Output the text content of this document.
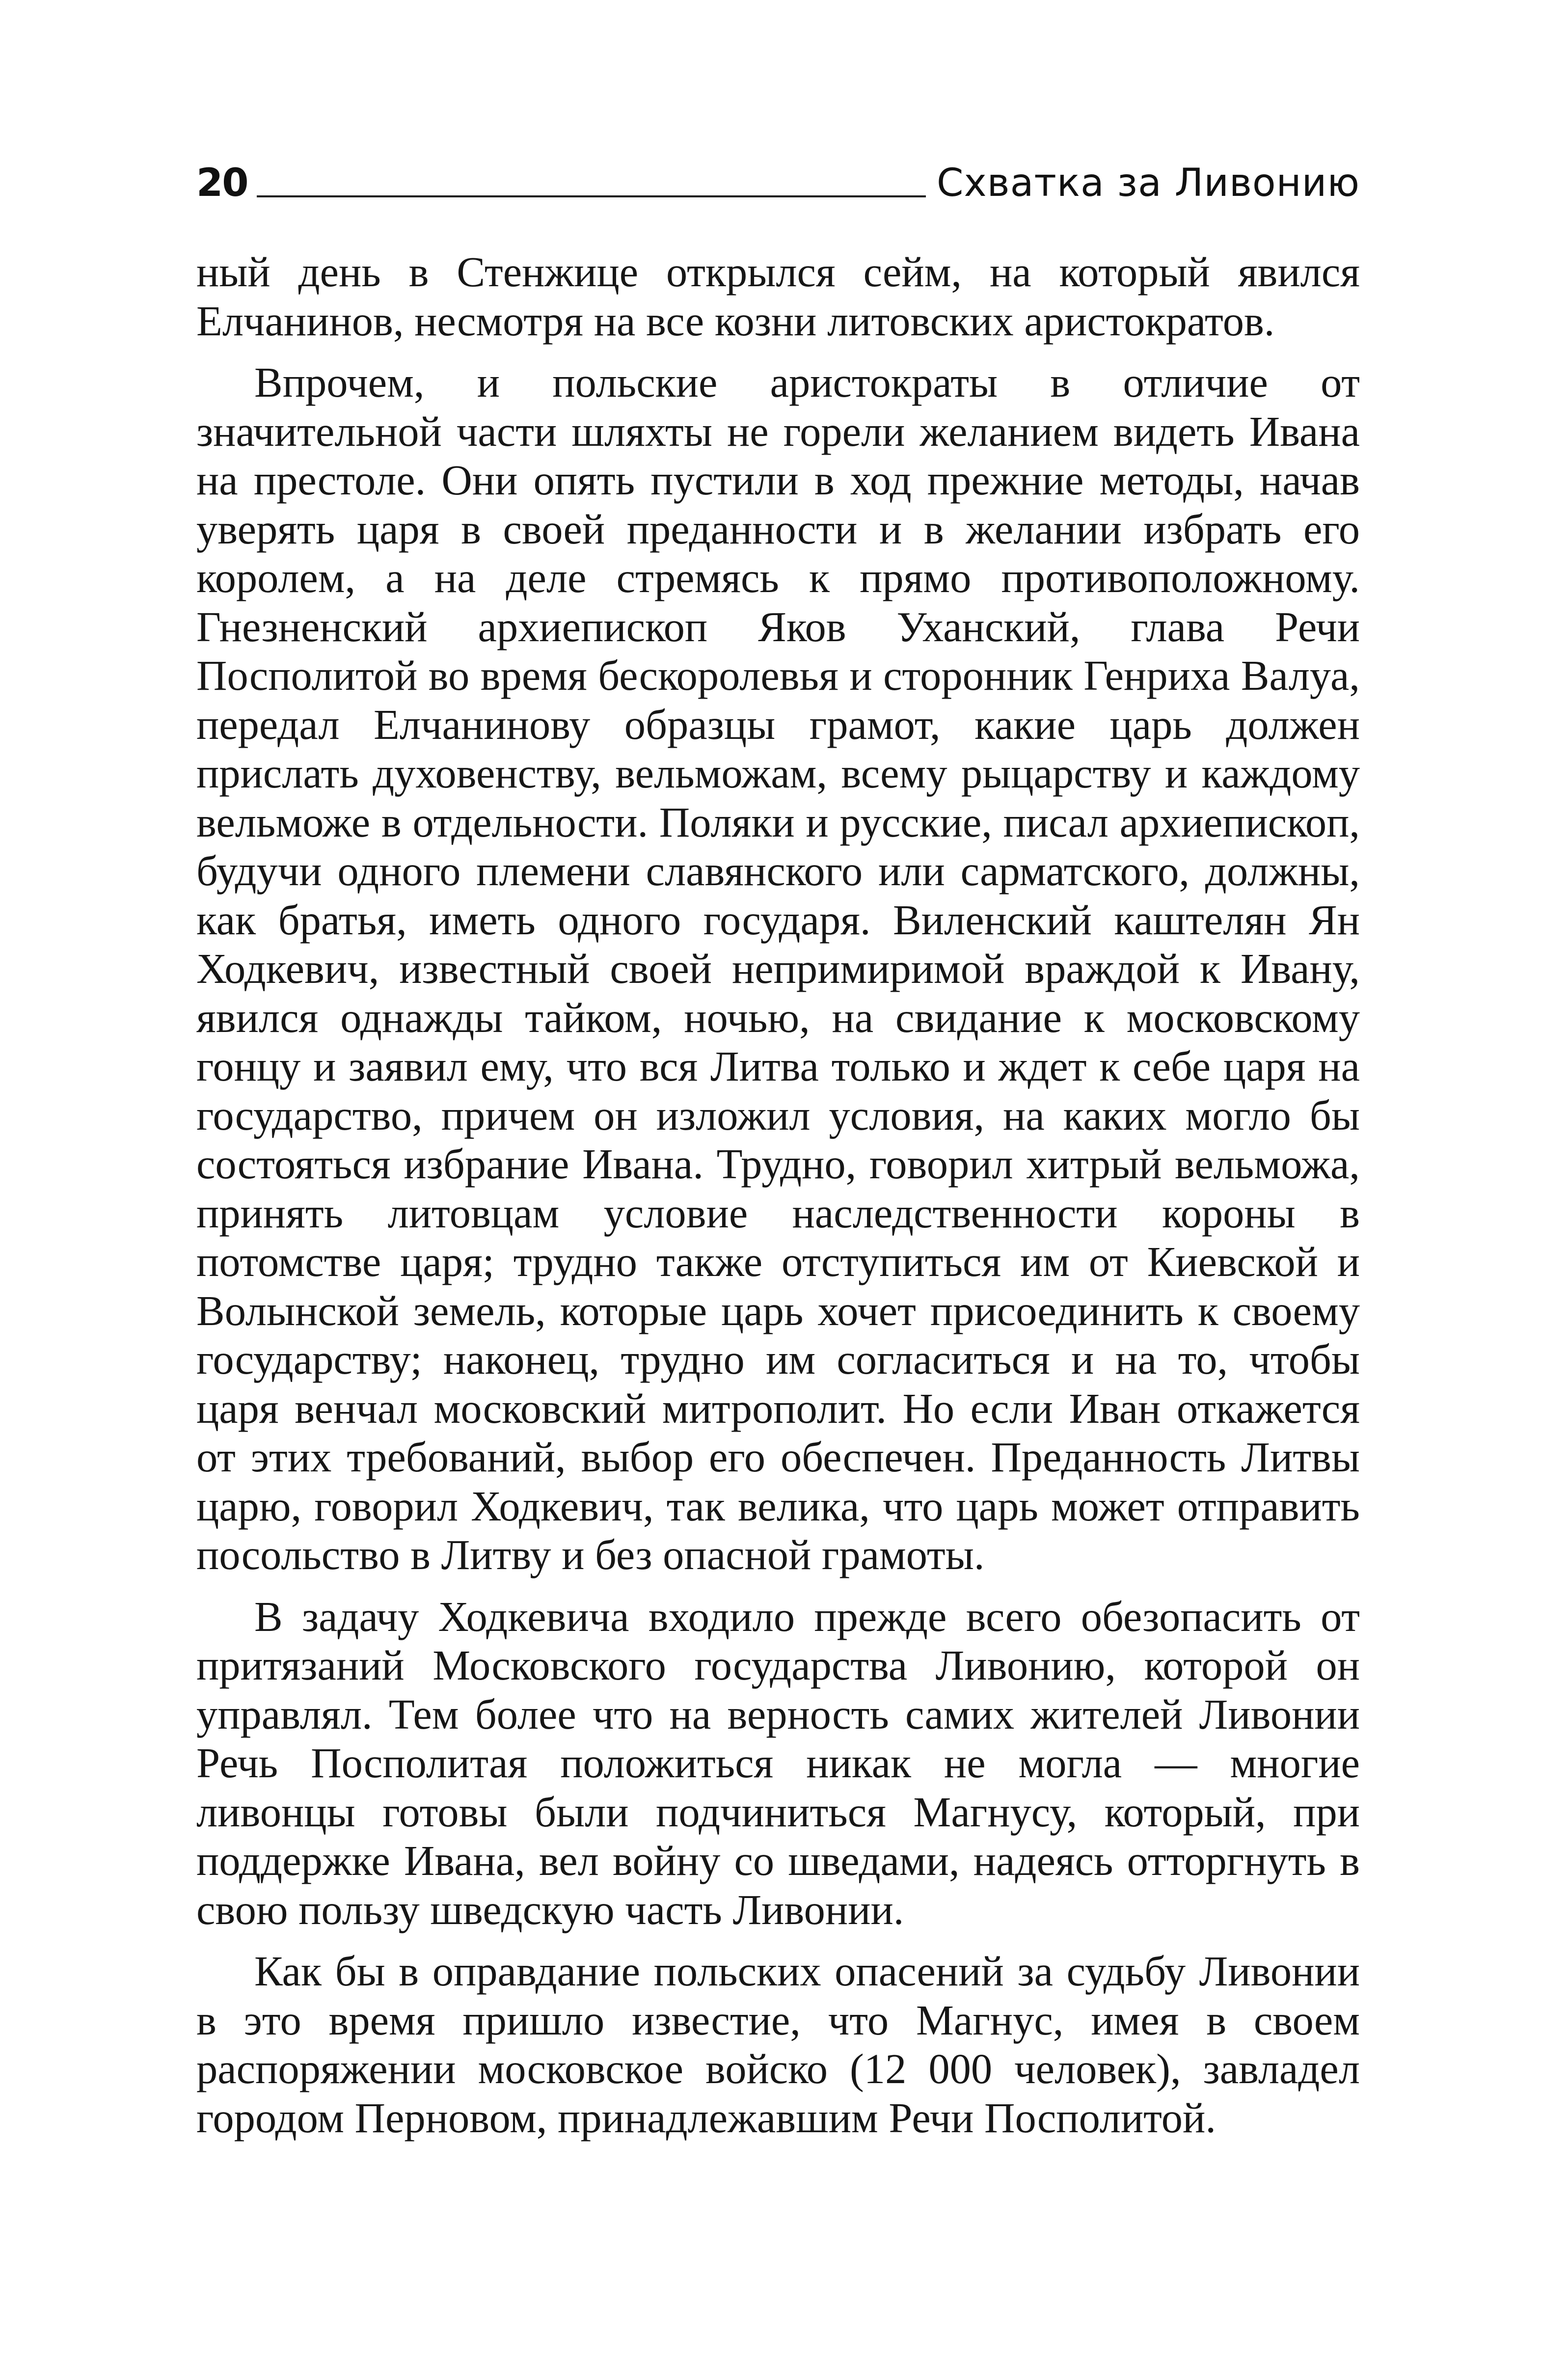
20	Схватка за Ливонию

ный день в Стенжице открылся сейм, на который явился Елчанинов, несмотря на все козни литовских аристократов.

Впрочем, и польские аристократы в отличие от значительной части шляхты не горели желанием видеть Ивана на престоле. Они опять пустили в ход прежние методы, начав уверять царя в своей преданности и в желании избрать его королем, а на деле стремясь к прямо противоположному. Гнезненский архиепископ Яков Уханский, глава Речи Посполитой во время бескоролевья и сторонник Генриха Валуа, передал Елчанинову образцы грамот, какие царь должен прислать духовенству, вельможам, всему рыцарству и каждому вельможе в отдельности. Поляки и русские, писал архиепископ, будучи одного племени славянского или сарматского, должны, как братья, иметь одного государя. Виленский каштелян Ян Ходкевич, известный своей непримиримой враждой к Ивану, явился однажды тайком, ночью, на свидание к московскому гонцу и заявил ему, что вся Литва только и ждет к себе царя на государство, причем он изложил условия, на каких могло бы состояться избрание Ивана. Трудно, говорил хитрый вельможа, принять литовцам условие наследственности короны в потомстве царя; трудно также отступиться им от Киевской и Волынской земель, которые царь хочет присоединить к своему государству; наконец, трудно им согласиться и на то, чтобы царя венчал московский митрополит. Но если Иван откажется от этих требований, выбор его обеспечен. Преданность Литвы царю, говорил Ходкевич, так велика, что царь может отправить посольство в Литву и без опасной грамоты.

В задачу Ходкевича входило прежде всего обезопасить от притязаний Московского государства Ливонию, которой он управлял. Тем более что на верность самих жителей Ливонии Речь Посполитая положиться никак не могла — многие ливонцы готовы были подчиниться Магнусу, который, при поддержке Ивана, вел войну со шведами, надеясь отторгнуть в свою пользу шведскую часть Ливонии.

Как бы в оправдание польских опасений за судьбу Ливонии в это время пришло известие, что Магнус, имея в своем распоряжении московское войско (12 000 человек), завладел городом Перновом, принадлежавшим Речи Посполитой.
